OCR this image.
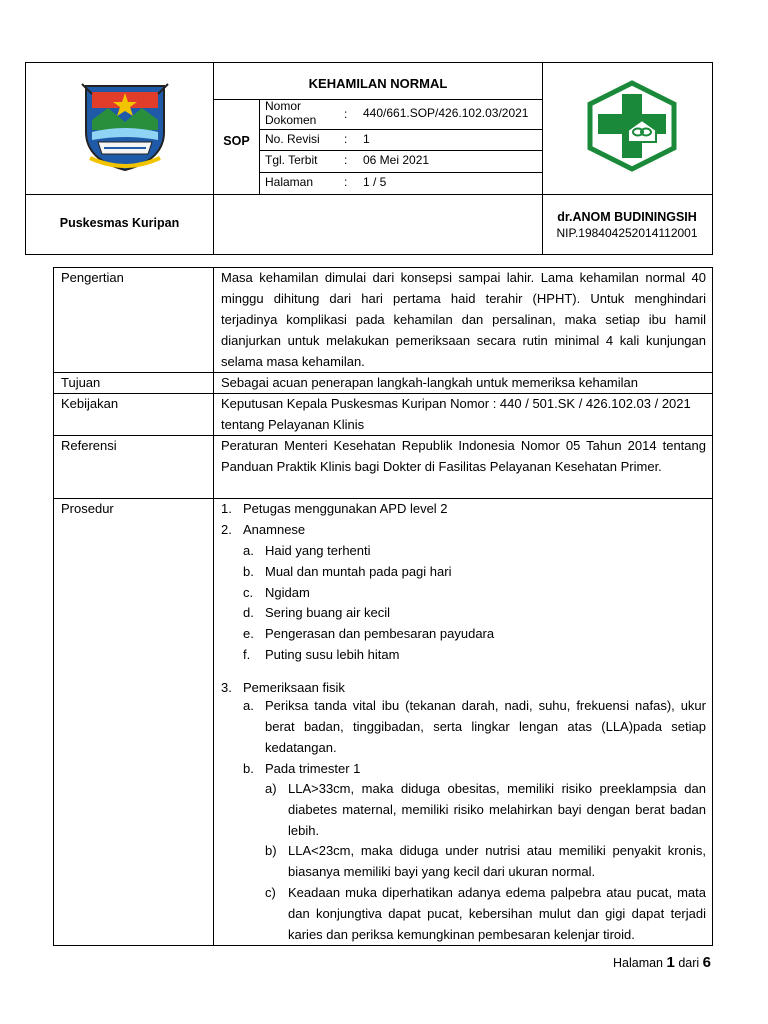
KEHAMILAN NORMAL
SOP
Nomor Dokomen	: 440/661.SOP/426.102.03/2021
No. Revisi : 1
Tgl. Terbit : 06 Mei 2021
Halaman	: 1 / 5
Puskesmas Kuripan	dr.ANOM BUDININGSIH
NIP.198404252014112001
Pengertian	Masa kehamilan dimulai dari konsepsi sampai lahir. Lama kehamilan normal 40 minggu dihitung dari hari pertama haid terahir (HPHT). Untuk menghindari terjadinya komplikasi pada kehamilan dan persalinan, maka setiap ibu hamil dianjurkan untuk melakukan pemeriksaan secara rutin minimal 4 kali kunjungan selama masa kehamilan.
Tujuan	Sebagai acuan penerapan langkah-langkah untuk memeriksa kehamilan
Kebijakan	Keputusan Kepala Puskesmas Kuripan Nomor : 440 / 501.SK / 426.102.03 / 2021 tentang Pelayanan Klinis
Referensi	Peraturan Menteri Kesehatan Republik Indonesia Nomor 05 Tahun 2014 tentang Panduan Praktik Klinis bagi Dokter di Fasilitas Pelayanan Kesehatan Primer.
Prosedur	1. Petugas menggunakan APD level 2
2. Anamnese
a. Haid yang terhenti
b. Mual dan muntah pada pagi hari
c. Ngidam
d. Sering buang air kecil
e. Pengerasan dan pembesaran payudara
f. Puting susu lebih hitam
3. Pemeriksaan fisik
a. Periksa tanda vital ibu (tekanan darah, nadi, suhu, frekuensi nafas), ukur berat badan, tinggibadan, serta lingkar lengan atas (LLA)pada setiap kedatangan.
b. Pada trimester 1
a) LLA>33cm, maka diduga obesitas, memiliki risiko preeklampsia dan diabetes maternal, memiliki risiko melahirkan bayi dengan berat badan lebih.
b) LLA<23cm, maka diduga under nutrisi atau memiliki penyakit kronis, biasanya memiliki bayi yang kecil dari ukuran normal.
c) Keadaan muka diperhatikan adanya edema palpebra atau pucat, mata dan konjungtiva dapat pucat, kebersihan mulut dan gigi dapat terjadi karies dan periksa kemungkinan pembesaran kelenjar tiroid.
Halaman 1 dari 6
